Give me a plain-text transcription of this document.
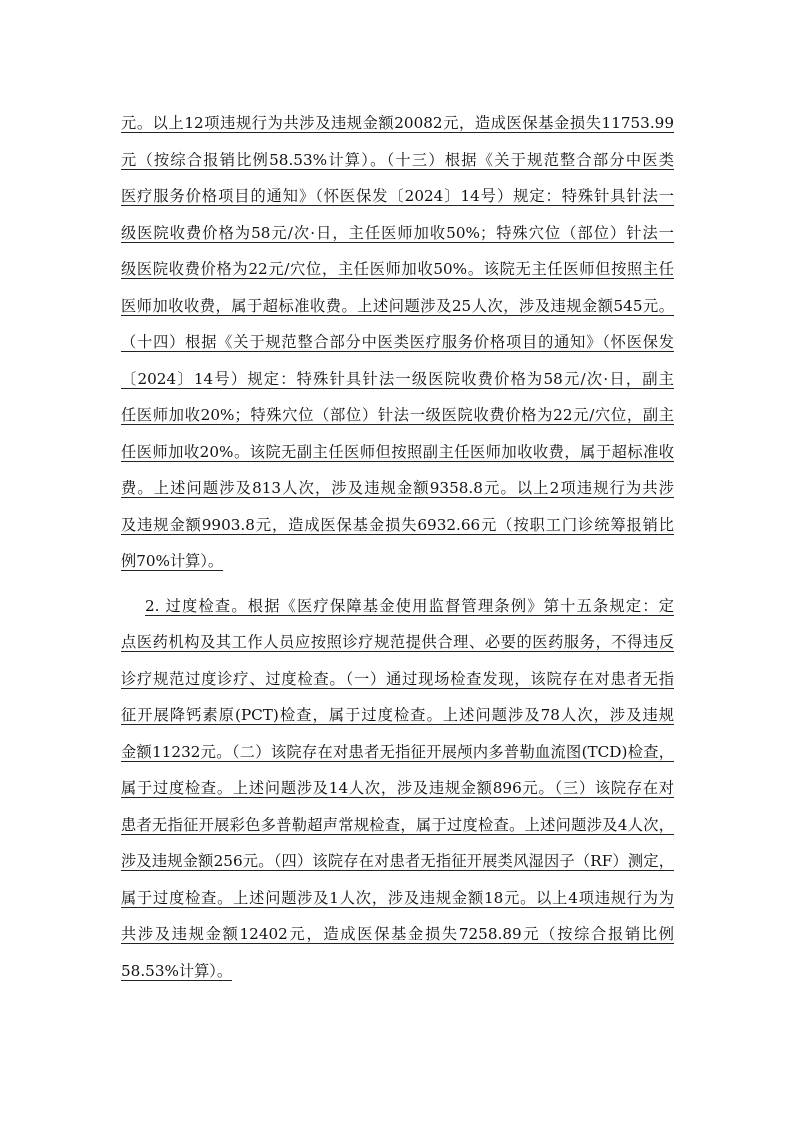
元。以上12项违规行为共涉及违规金额20082元，造成医保基金损失11753.99
元（按综合报销比例58.53%计算）。（十三）根据《关于规范整合部分中医类
医疗服务价格项目的通知》（怀医保发〔2024〕14号）规定：特殊针具针法一
级医院收费价格为58元/次·日，主任医师加收50%；特殊穴位（部位）针法一
级医院收费价格为22元/穴位，主任医师加收50%。该院无主任医师但按照主任
医师加收收费，属于超标准收费。上述问题涉及25人次，涉及违规金额545元。
（十四）根据《关于规范整合部分中医类医疗服务价格项目的通知》（怀医保发
〔2024〕14号）规定：特殊针具针法一级医院收费价格为58元/次·日，副主
任医师加收20%；特殊穴位（部位）针法一级医院收费价格为22元/穴位，副主
任医师加收20%。该院无副主任医师但按照副主任医师加收收费，属于超标准收
费。上述问题涉及813人次，涉及违规金额9358.8元。以上2项违规行为共涉
及违规金额9903.8元，造成医保基金损失6932.66元（按职工门诊统筹报销比
例70%计算）。
2. 过度检查。根据《医疗保障基金使用监督管理条例》第十五条规定：定
点医药机构及其工作人员应按照诊疗规范提供合理、必要的医药服务，不得违反
诊疗规范过度诊疗、过度检查。（一）通过现场检查发现，该院存在对患者无指
征开展降钙素原(PCT)检查，属于过度检查。上述问题涉及78人次，涉及违规
金额11232元。（二）该院存在对患者无指征开展颅内多普勒血流图(TCD)检查，
属于过度检查。上述问题涉及14人次，涉及违规金额896元。（三）该院存在对
患者无指征开展彩色多普勒超声常规检查，属于过度检查。上述问题涉及4人次，
涉及违规金额256元。（四）该院存在对患者无指征开展类风湿因子（RF）测定，
属于过度检查。上述问题涉及1人次，涉及违规金额18元。以上4项违规行为为
共涉及违规金额12402元，造成医保基金损失7258.89元（按综合报销比例
58.53%计算）。
